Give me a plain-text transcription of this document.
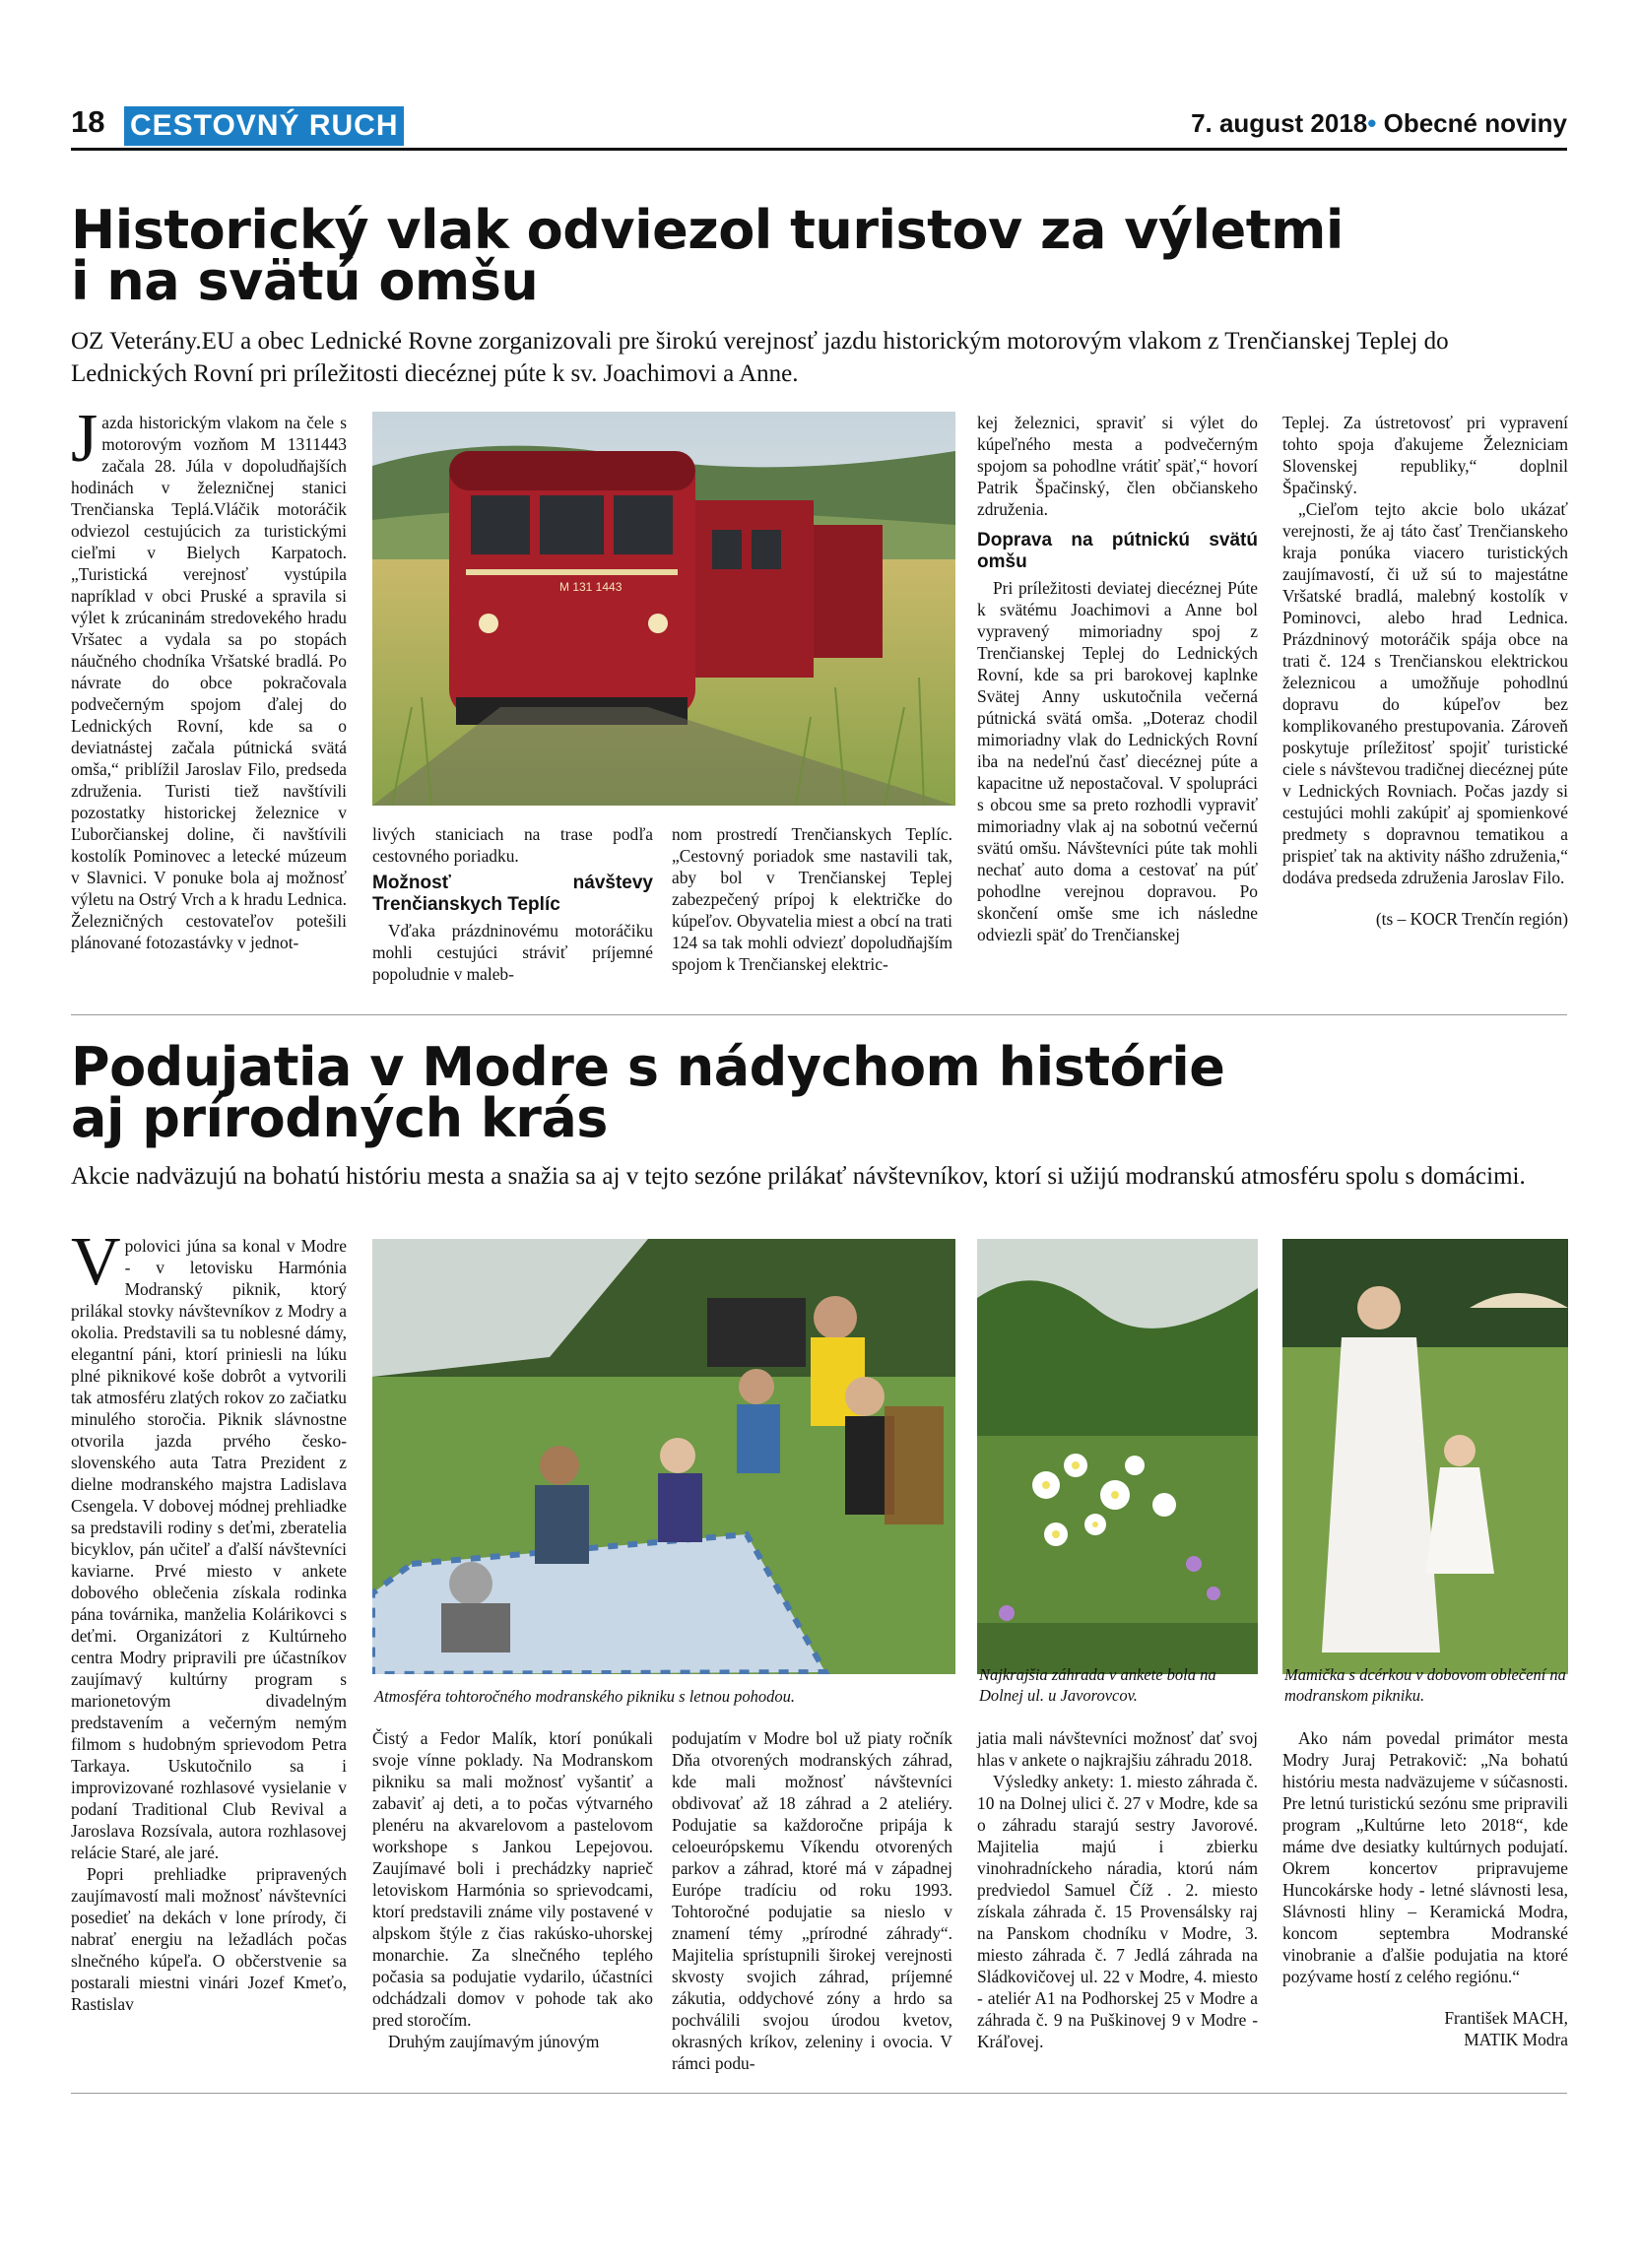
18 CESTOVNÝ RUCH	7. august 2018• Obecné noviny
Historický vlak odviezol turistov za výletmi
i na svätú omšu
OZ Veterány.EU a obec Lednické Rovne zorganizovali pre širokú verejnosť jazdu historickým motorovým vlakom z Trenčianskej Teplej do Lednických Rovní pri príležitosti diecéznej púte k sv. Joachimovi a Anne.

Jazda historickým vlakom na čele s motorovým vozňom M 1311443 začala 28. Júla v dopoludňajších hodinách v železničnej stanici Trenčianska Teplá.Vláčik motoráčik odviezol cestujúcich za turistickými cieľmi v Bielych Karpatoch. „Turistická verejnosť vystúpila napríklad v obci Pruské a spravila si výlet k zrúcaninám stredovekého hradu Vršatec a vydala sa po stopách náučného chodníka Vršatské bradlá. Po návrate do obce pokračovala podvečerným spojom ďalej do Lednických Rovní, kde sa o deviatnástej začala pútnická svätá omša,“ priblížil Jaroslav Filo, predseda združenia. Turisti tiež navštívili pozostatky historickej železnice v Ľuborčianskej doline, či navštívili kostolík Pominovec a letecké múzeum v Slavnici. V ponuke bola aj možnosť výletu na Ostrý Vrch a k hradu Lednica. Železničných cestovateľov potešili plánované fotozastávky v jednot-

M 131 1443

livých staniciach na trase podľa cestovného poriadku.

Možnosť návštevy Trenčianskych Teplíc

Vďaka prázdninovému motoráčiku mohli cestujúci stráviť príjemné popoludnie v maleb-

nom prostredí Trenčianskych Teplíc. „Cestovný poriadok sme nastavili tak, aby bol v Trenčianskej Teplej zabezpečený prípoj k električke do kúpeľov. Obyvatelia miest a obcí na trati 124 sa tak mohli odviezť dopoludňajším spojom k Trenčianskej elektric-

kej železnici, spraviť si výlet do kúpeľného mesta a podvečerným spojom sa pohodlne vrátiť späť,“ hovorí Patrik Špačinský, člen občianskeho združenia.

Doprava na pútnickú svätú omšu

Pri príležitosti deviatej diecéznej Púte k svätému Joachimovi a Anne bol vypravený mimoriadny spoj z Trenčianskej Teplej do Lednických Rovní, kde sa pri barokovej kaplnke Svätej Anny uskutočnila večerná pútnická svätá omša. „Doteraz chodil mimoriadny vlak do Lednických Rovní iba na nedeľnú časť diecéznej púte a kapacitne už nepostačoval. V spolupráci s obcou sme sa preto rozhodli vypraviť mimoriadny vlak aj na sobotnú večernú svätú omšu. Návštevníci púte tak mohli nechať auto doma a cestovať na púť pohodlne verejnou dopravou. Po skončení omše sme ich následne odviezli späť do Trenčianskej

Teplej. Za ústretovosť pri vypravení tohto spoja ďakujeme Železniciam Slovenskej republiky,“ doplnil Špačinský.

„Cieľom tejto akcie bolo ukázať verejnosti, že aj táto časť Trenčianskeho kraja ponúka viacero turistických zaujímavostí, či už sú to majestátne Vršatské bradlá, malebný kostolík v Pominovci, alebo hrad Lednica. Prázdninový motoráčik spája obce na trati č. 124 s Trenčianskou elektrickou železnicou a umožňuje pohodlnú dopravu do kúpeľov bez komplikovaného prestupovania. Zároveň poskytuje príležitosť spojiť turistické ciele s návštevou tradičnej diecéznej púte v Lednických Rovniach. Počas jazdy si cestujúci mohli zakúpiť aj spomienkové predmety s dopravnou tematikou a prispieť tak na aktivity nášho združenia,“ dodáva predseda združenia Jaroslav Filo.

(ts – KOCR Trenčín región)

Podujatia v Modre s nádychom histórie
aj prírodných krás
Akcie nadväzujú na bohatú históriu mesta a snažia sa aj v tejto sezóne prilákať návštevníkov, ktorí si užijú modranskú atmosféru spolu s domácimi.

Vpolovici júna sa konal v Modre - v letovisku Harmónia Modranský piknik, ktorý prilákal stovky návštevníkov z Modry a okolia. Predstavili sa tu noblesné dámy, elegantní páni, ktorí priniesli na lúku plné piknikové koše dobrôt a vytvorili tak atmosféru zlatých rokov zo začiatku minulého storočia. Piknik slávnostne otvorila jazda prvého česko-slovenského auta Tatra Prezident z dielne modranského majstra Ladislava Csengela. V dobovej módnej prehliadke sa predstavili rodiny s deťmi, zberatelia bicyklov, pán učiteľ a ďalší návštevníci kaviarne. Prvé miesto v ankete dobového oblečenia získala rodinka pána továrnika, manželia Kolárikovci s deťmi. Organizátori z Kultúrneho centra Modry pripravili pre účastníkov zaujímavý kultúrny program s marionetovým divadelným predstavením a večerným nemým filmom s hudobným sprievodom Petra Tarkaya. Uskutočnilo sa i improvizované rozhlasové vysielanie v podaní Traditional Club Revival a Jaroslava Rozsívala, autora rozhlasovej relácie Staré, ale jaré.

Popri prehliadke pripravených zaujímavostí mali možnosť návštevníci posedieť na dekách v lone prírody, či nabrať energiu na ležadlách počas slnečného kúpeľa. O občerstvenie sa postarali miestni vinári Jozef Kmeťo, Rastislav

Atmosféra tohtoročného modranského pikniku s letnou pohodou.
Najkrajšia záhrada v ankete bola na Dolnej ul. u Javorovcov.
Mamička s dcérkou v dobovom oblečení na modranskom pikniku.

Čistý a Fedor Malík, ktorí ponúkali svoje vínne poklady. Na Modranskom pikniku sa mali možnosť vyšantiť a zabaviť aj deti, a to počas výtvarného plenéru na akvarelovom a pastelovom workshope s Jankou Lepejovou. Zaujímavé boli i prechádzky naprieč letoviskom Harmónia so sprievodcami, ktorí predstavili známe vily postavené v alpskom štýle z čias rakúsko-uhorskej monarchie. Za slnečného teplého počasia sa podujatie vydarilo, účastníci odchádzali domov v pohode tak ako pred storočím.

Druhým zaujímavým júnovým

podujatím v Modre bol už piaty ročník Dňa otvorených modranských záhrad, kde mali možnosť návštevníci obdivovať až 18 záhrad a 2 ateliéry. Podujatie sa každoročne pripája k celoeurópskemu Víkendu otvorených parkov a záhrad, ktoré má v západnej Európe tradíciu od roku 1993. Tohtoročné podujatie sa nieslo v znamení témy „prírodné záhrady“. Majitelia sprístupnili širokej verejnosti skvosty svojich záhrad, príjemné zákutia, oddychové zóny a hrdo sa pochválili svojou úrodou kvetov, okrasných kríkov, zeleniny i ovocia. V rámci podu-

jatia mali návštevníci možnosť dať svoj hlas v ankete o najkrajšiu záhradu 2018.

Výsledky ankety: 1. miesto záhrada č. 10 na Dolnej ulici č. 27 v Modre, kde sa o záhradu starajú sestry Javorové. Majitelia majú i zbierku vinohradníckeho náradia, ktorú nám predviedol Samuel Číž . 2. miesto získala záhrada č. 15 Provensálsky raj na Panskom chodníku v Modre, 3. miesto záhrada č. 7 Jedlá záhrada na Sládkovičovej ul. 22 v Modre, 4. miesto - ateliér A1 na Podhorskej 25 v Modre a záhrada č. 9 na Puškinovej 9 v Modre - Kráľovej.

Ako nám povedal primátor mesta Modry Juraj Petrakovič: „Na bohatú históriu mesta nadväzujeme v súčasnosti. Pre letnú turistickú sezónu sme pripravili program „Kultúrne leto 2018“, kde máme dve desiatky kultúrnych podujatí. Okrem koncertov pripravujeme Huncokárske hody - letné slávnosti lesa, Slávnosti hliny – Keramická Modra, koncom septembra Modranské vinobranie a ďalšie podujatia na ktoré pozývame hostí z celého regiónu.“

František MACH,

MATIK Modra
